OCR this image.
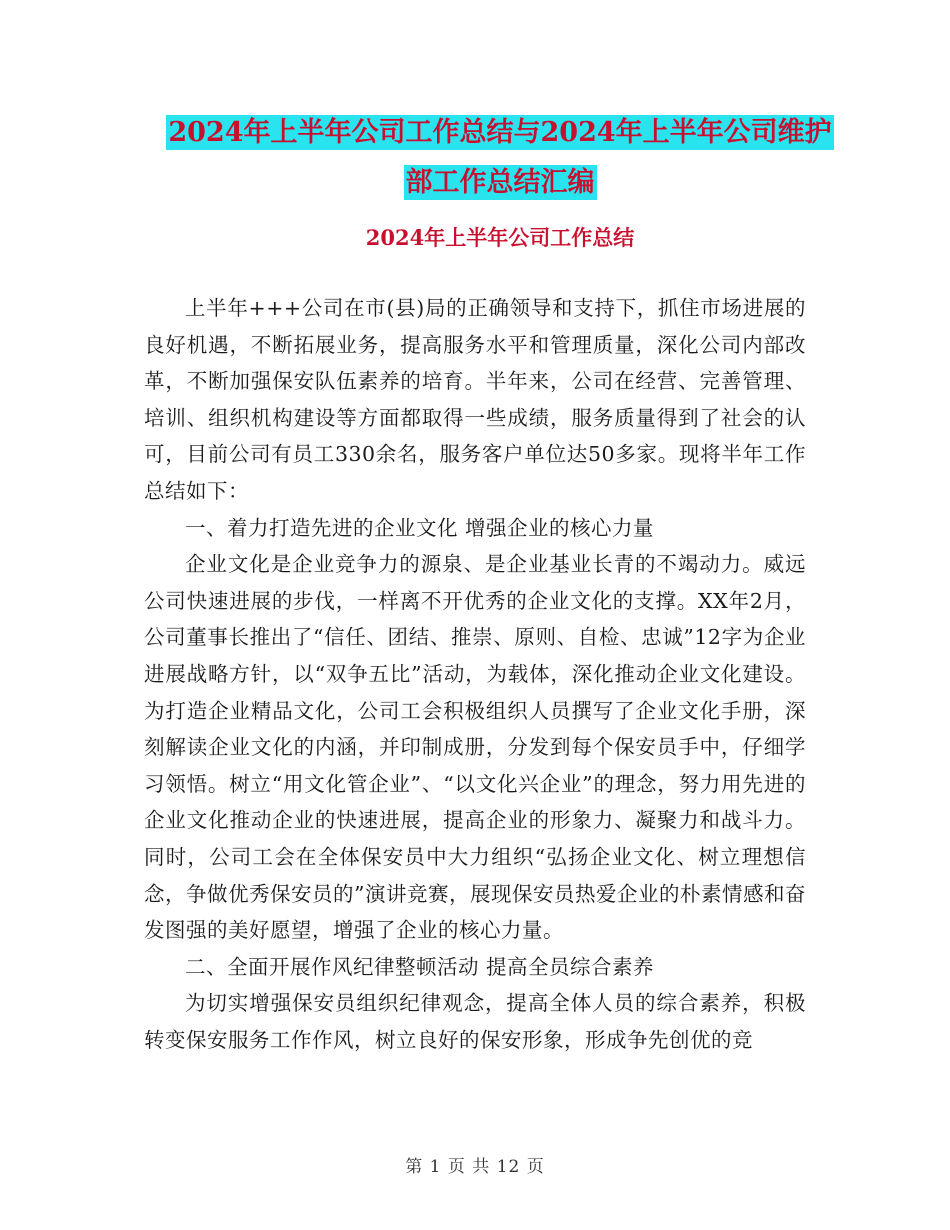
2024年上半年公司工作总结与2024年上半年公司维护
部工作总结汇编
2024年上半年公司工作总结

上半年+++公司在市(县)局的正确领导和支持下，抓住市场进展的良好机遇，不断拓展业务，提高服务水平和管理质量，深化公司内部改革，不断加强保安队伍素养的培育。半年来，公司在经营、完善管理、培训、组织机构建设等方面都取得一些成绩，服务质量得到了社会的认可，目前公司有员工330余名，服务客户单位达50多家。现将半年工作总结如下：

一、着力打造先进的企业文化 增强企业的核心力量

企业文化是企业竞争力的源泉、是企业基业长青的不竭动力。威远公司快速进展的步伐，一样离不开优秀的企业文化的支撑。XX年2月，公司董事长推出了“信任、团结、推崇、原则、自检、忠诚”12字为企业进展战略方针，以“双争五比”活动，为载体，深化推动企业文化建设。为打造企业精品文化，公司工会积极组织人员撰写了企业文化手册，深刻解读企业文化的内涵，并印制成册，分发到每个保安员手中，仔细学习领悟。树立“用文化管企业”、“以文化兴企业”的理念，努力用先进的企业文化推动企业的快速进展，提高企业的形象力、凝聚力和战斗力。同时，公司工会在全体保安员中大力组织“弘扬企业文化、树立理想信念，争做优秀保安员的”演讲竞赛，展现保安员热爱企业的朴素情感和奋发图强的美好愿望，增强了企业的核心力量。

二、全面开展作风纪律整顿活动 提高全员综合素养

为切实增强保安员组织纪律观念，提高全体人员的综合素养，积极转变保安服务工作作风，树立良好的保安形象，形成争先创优的竞

第 1 页 共 12 页
